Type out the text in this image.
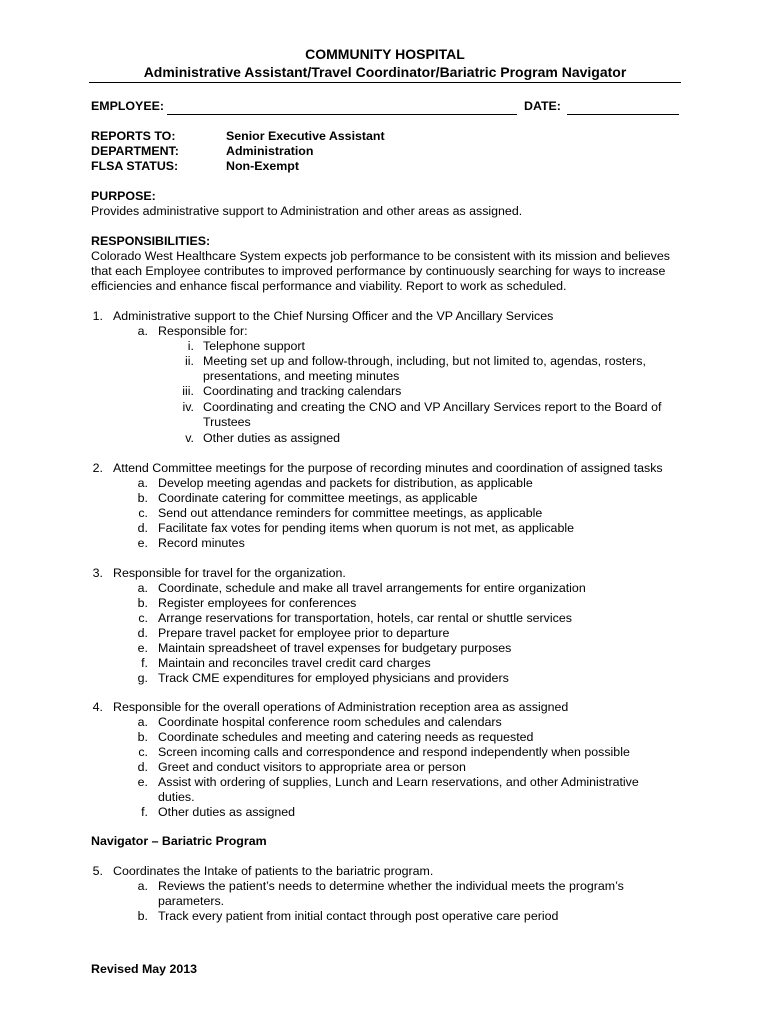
COMMUNITY HOSPITAL
Administrative Assistant/Travel Coordinator/Bariatric Program Navigator
EMPLOYEE:	DATE:
REPORTS TO:	Senior Executive Assistant
DEPARTMENT:	Administration
FLSA STATUS:	Non-Exempt
PURPOSE:
Provides administrative support to Administration and other areas as assigned.
RESPONSIBILITIES:
Colorado West Healthcare System expects job performance to be consistent with its mission and believes
that each Employee contributes to improved performance by continuously searching for ways to increase
efficiencies and enhance fiscal performance and viability. Report to work as scheduled.
1. Administrative support to the Chief Nursing Officer and the VP Ancillary Services
a. Responsible for:
i. Telephone support
ii. Meeting set up and follow-through, including, but not limited to, agendas, rosters,
presentations, and meeting minutes
iii. Coordinating and tracking calendars
iv. Coordinating and creating the CNO and VP Ancillary Services report to the Board of
Trustees
v. Other duties as assigned
2. Attend Committee meetings for the purpose of recording minutes and coordination of assigned tasks
a. Develop meeting agendas and packets for distribution, as applicable
b. Coordinate catering for committee meetings, as applicable
c. Send out attendance reminders for committee meetings, as applicable
d. Facilitate fax votes for pending items when quorum is not met, as applicable
e. Record minutes
3. Responsible for travel for the organization.
a. Coordinate, schedule and make all travel arrangements for entire organization
b. Register employees for conferences
c. Arrange reservations for transportation, hotels, car rental or shuttle services
d. Prepare travel packet for employee prior to departure
e. Maintain spreadsheet of travel expenses for budgetary purposes
f. Maintain and reconciles travel credit card charges
g. Track CME expenditures for employed physicians and providers
4. Responsible for the overall operations of Administration reception area as assigned
a. Coordinate hospital conference room schedules and calendars
b. Coordinate schedules and meeting and catering needs as requested
c. Screen incoming calls and correspondence and respond independently when possible
d. Greet and conduct visitors to appropriate area or person
e. Assist with ordering of supplies, Lunch and Learn reservations, and other Administrative
duties.
f. Other duties as assigned
5. Coordinates the Intake of patients to the bariatric program.
a. Reviews the patient’s needs to determine whether the individual meets the program’s
parameters.
b. Track every patient from initial contact through post operative care period
Navigator – Bariatric Program
Revised May 2013
